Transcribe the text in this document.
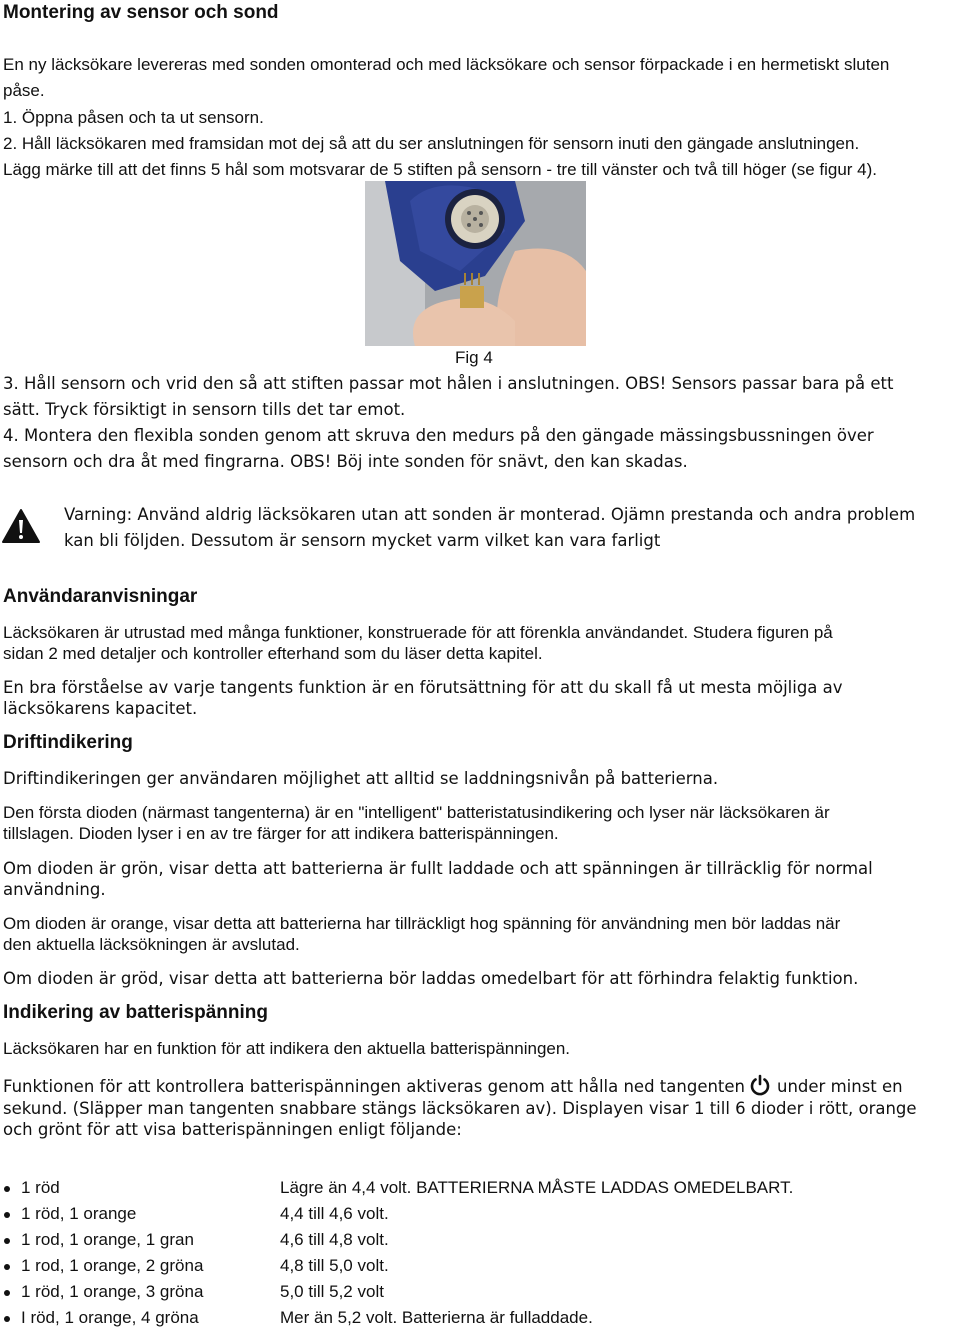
Montering av sensor och sond
En ny läcksökare levereras med sonden omonterad och med läcksökare och sensor förpackade i en hermetiskt sluten
påse.
1. Öppna påsen och ta ut sensorn.
2. Håll läcksökaren med framsidan mot dej så att du ser anslutningen för sensorn inuti den gängade anslutningen.
Lägg märke till att det finns 5 hål som motsvarar de 5 stiften på sensorn - tre till vänster och två till höger (se figur 4).
Fig 4
3. Håll sensorn och vrid den så att stiften passar mot hålen i anslutningen. OBS! Sensors passar bara på ett
sätt. Tryck försiktigt in sensorn tills det tar emot.
4. Montera den flexibla sonden genom att skruva den medurs på den gängade mässingsbussningen över
sensorn och dra åt med fingrarna. OBS! Böj inte sonden för snävt, den kan skadas.
Varning: Använd aldrig läcksökaren utan att sonden är monterad. Ojämn prestanda och andra problem
kan bli följden. Dessutom är sensorn mycket varm vilket kan vara farligt
Användaranvisningar
Läcksökaren är utrustad med många funktioner, konstruerade för att förenkla användandet. Studera figuren på
sidan 2 med detaljer och kontroller efterhand som du läser detta kapitel.
En bra förståelse av varje tangents funktion är en förutsättning för att du skall få ut mesta möjliga av
läcksökarens kapacitet.
Driftindikering
Driftindikeringen ger användaren möjlighet att alltid se laddningsnivån på batterierna.
Den första dioden (närmast tangenterna) är en "intelligent" batteristatusindikering och lyser när läcksökaren är
tillslagen. Dioden lyser i en av tre färger for att indikera batterispänningen.
Om dioden är grön, visar detta att batterierna är fullt laddade och att spänningen är tillräcklig för normal
användning.
Om dioden är orange, visar detta att batterierna har tillräckligt hog spänning för användning men bör laddas när
den aktuella läcksökningen är avslutad.
Om dioden är gröd, visar detta att batterierna bör laddas omedelbart för att förhindra felaktig funktion.
Indikering av batterispänning
Läcksökaren har en funktion för att indikera den aktuella batterispänningen.
Funktionen för att kontrollera batterispänningen aktiveras genom att hålla ned tangenten under minst en
sekund. (Släpper man tangenten snabbare stängs läcksökaren av). Displayen visar 1 till 6 dioder i rött, orange
och grönt för att visa batterispänningen enligt följande:
1 röd	Lägre än 4,4 volt. BATTERIERNA MÅSTE LADDAS OMEDELBART.
1 röd, 1 orange	4,4 till 4,6 volt.
1 rod, 1 orange, 1 gran	4,6 till 4,8 volt.
1 rod, 1 orange, 2 gröna	4,8 till 5,0 volt.
1 röd, 1 orange, 3 gröna	5,0 till 5,2 volt
I röd, 1 orange, 4 gröna	Mer än 5,2 volt. Batterierna är fulladdade.
